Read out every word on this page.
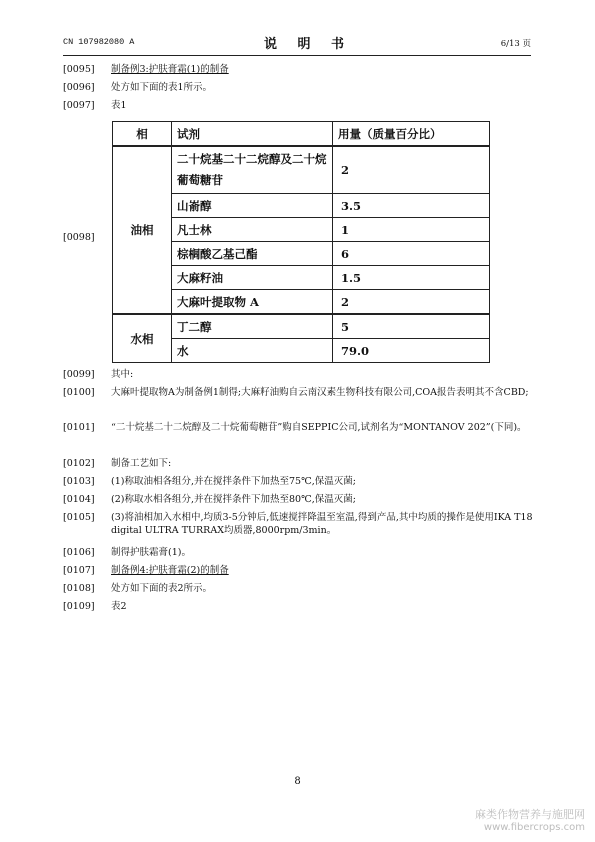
CN 107982080 A	说 明 书	6/13 页
[0095] 制备例3:护肤膏霜(1)的制备
[0096] 处方如下面的表1所示。
[0097] 表1
[0098]
相	试剂	用量（质量百分比）
油相	二十烷基二十二烷醇及二十烷葡萄糖苷	2
	山嵛醇	3.5
	凡士林	1
	棕榈酸乙基己酯	6
	大麻籽油	1.5
	大麻叶提取物 A	2
水相	丁二醇	5
	水	79.0
[0099] 其中:
[0100] 大麻叶提取物A为制备例1制得;大麻籽油购自云南汉素生物科技有限公司,COA报告表明其不含CBD;
[0101] “二十烷基二十二烷醇及二十烷葡萄糖苷”购自SEPPIC公司,试剂名为“MONTANOV 202”(下同)。
[0102] 制备工艺如下:
[0103] (1)称取油相各组分,并在搅拌条件下加热至75℃,保温灭菌;
[0104] (2)称取水相各组分,并在搅拌条件下加热至80℃,保温灭菌;
[0105] (3)将油相加入水相中,均质3-5分钟后,低速搅拌降温至室温,得到产品,其中均质的操作是使用IKA T18 digital ULTRA TURRAX均质器,8000rpm/3min。
[0106] 制得护肤霜膏(1)。
[0107] 制备例4:护肤膏霜(2)的制备
[0108] 处方如下面的表2所示。
[0109] 表2
8
麻类作物营养与施肥网
www.fibercrops.com
